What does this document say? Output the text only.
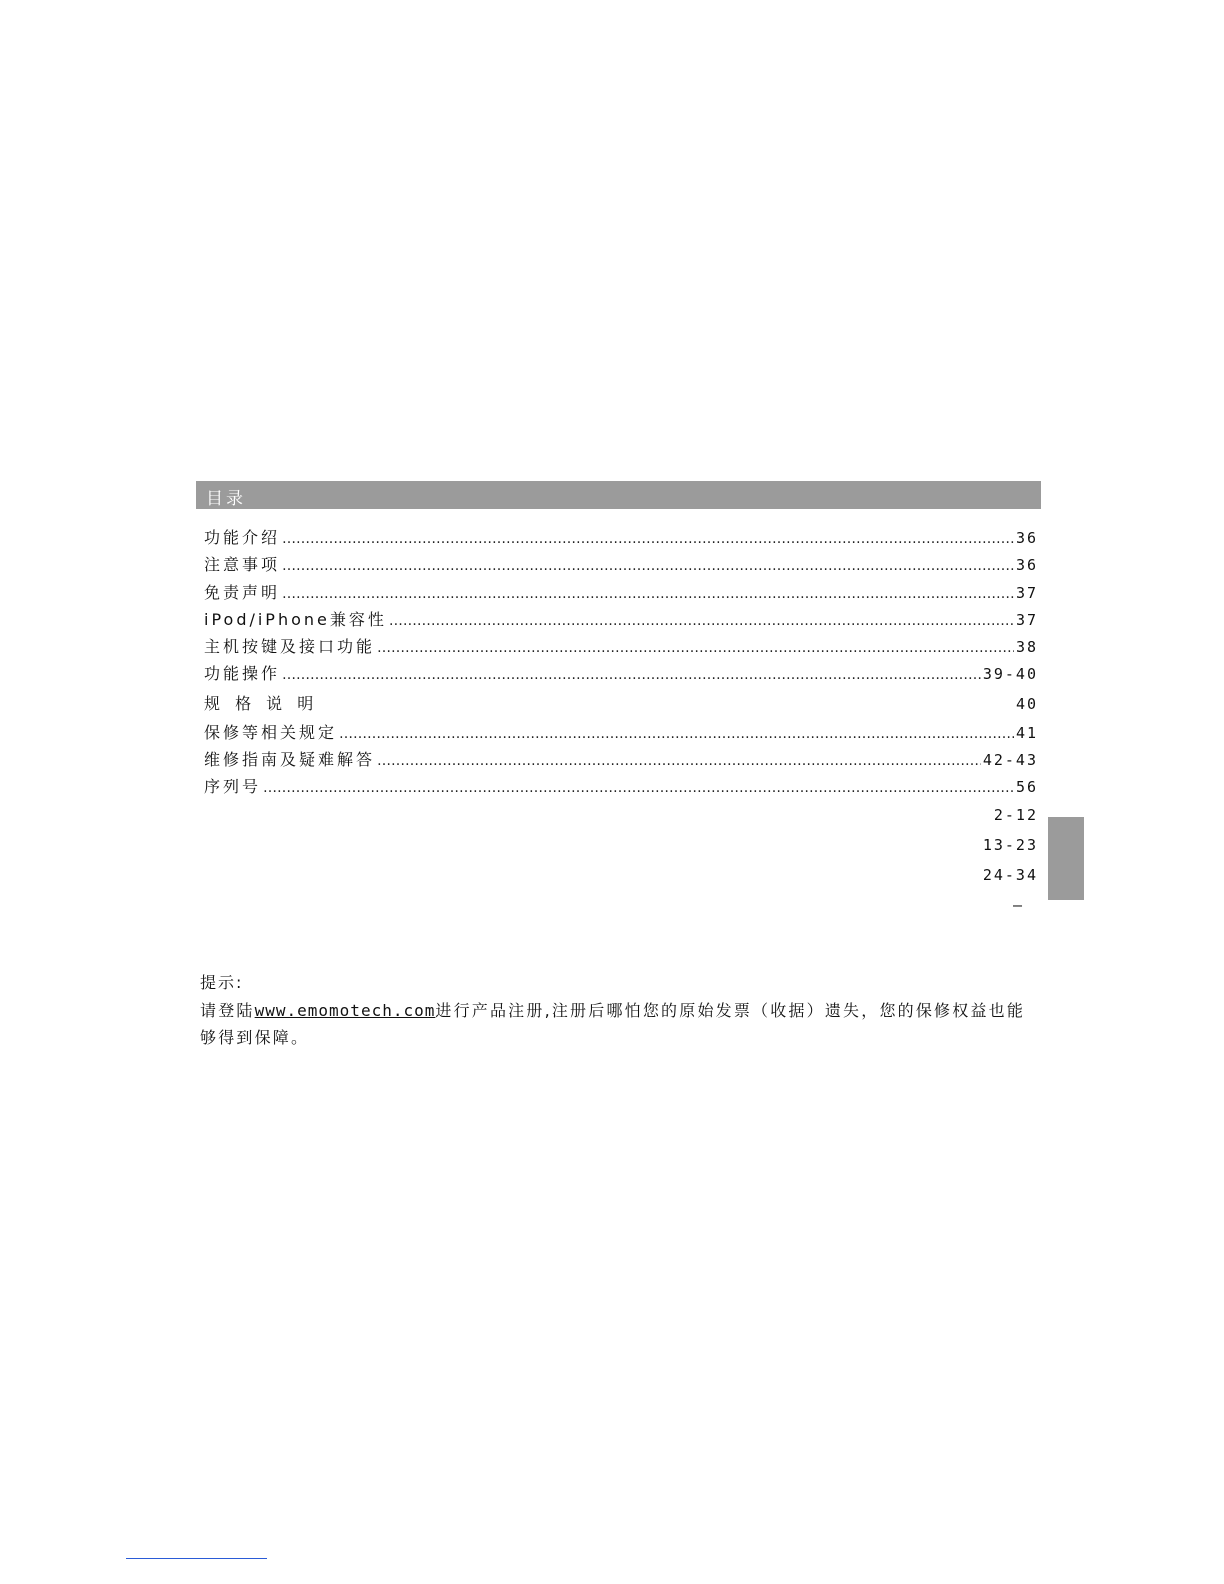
目录
功能介绍 …………………………………………………………………………………………………………………………………………………………………………………………………………………………	36
注意事项 …………………………………………………………………………………………………………………………………………………………………………………………………………………………	36
免责声明 …………………………………………………………………………………………………………………………………………………………………………………………………………………………	37
iPod/iPhone兼容性 …………………………………………………………………………………………………………………………………………………………………………………………………………………………	37
主机按键及接口功能 …………………………………………………………………………………………………………………………………………………………………………………………………………………………	38
功能操作 …………………………………………………………………………………………………………………………………………………………………………………………………………………………	39-40
规 格 说 明	40
保修等相关规定 …………………………………………………………………………………………………………………………………………………………………………………………………………………………	41
维修指南及疑难解答 …………………………………………………………………………………………………………………………………………………………………………………………………………………………	42-43
序列号 …………………………………………………………………………………………………………………………………………………………………………………………………………………………	56
2-12
13-23
24-34
–
提示:
请登陆www.emomotech.com进行产品注册,注册后哪怕您的原始发票（收据）遗失，您的保修权益也能够得到保障。
